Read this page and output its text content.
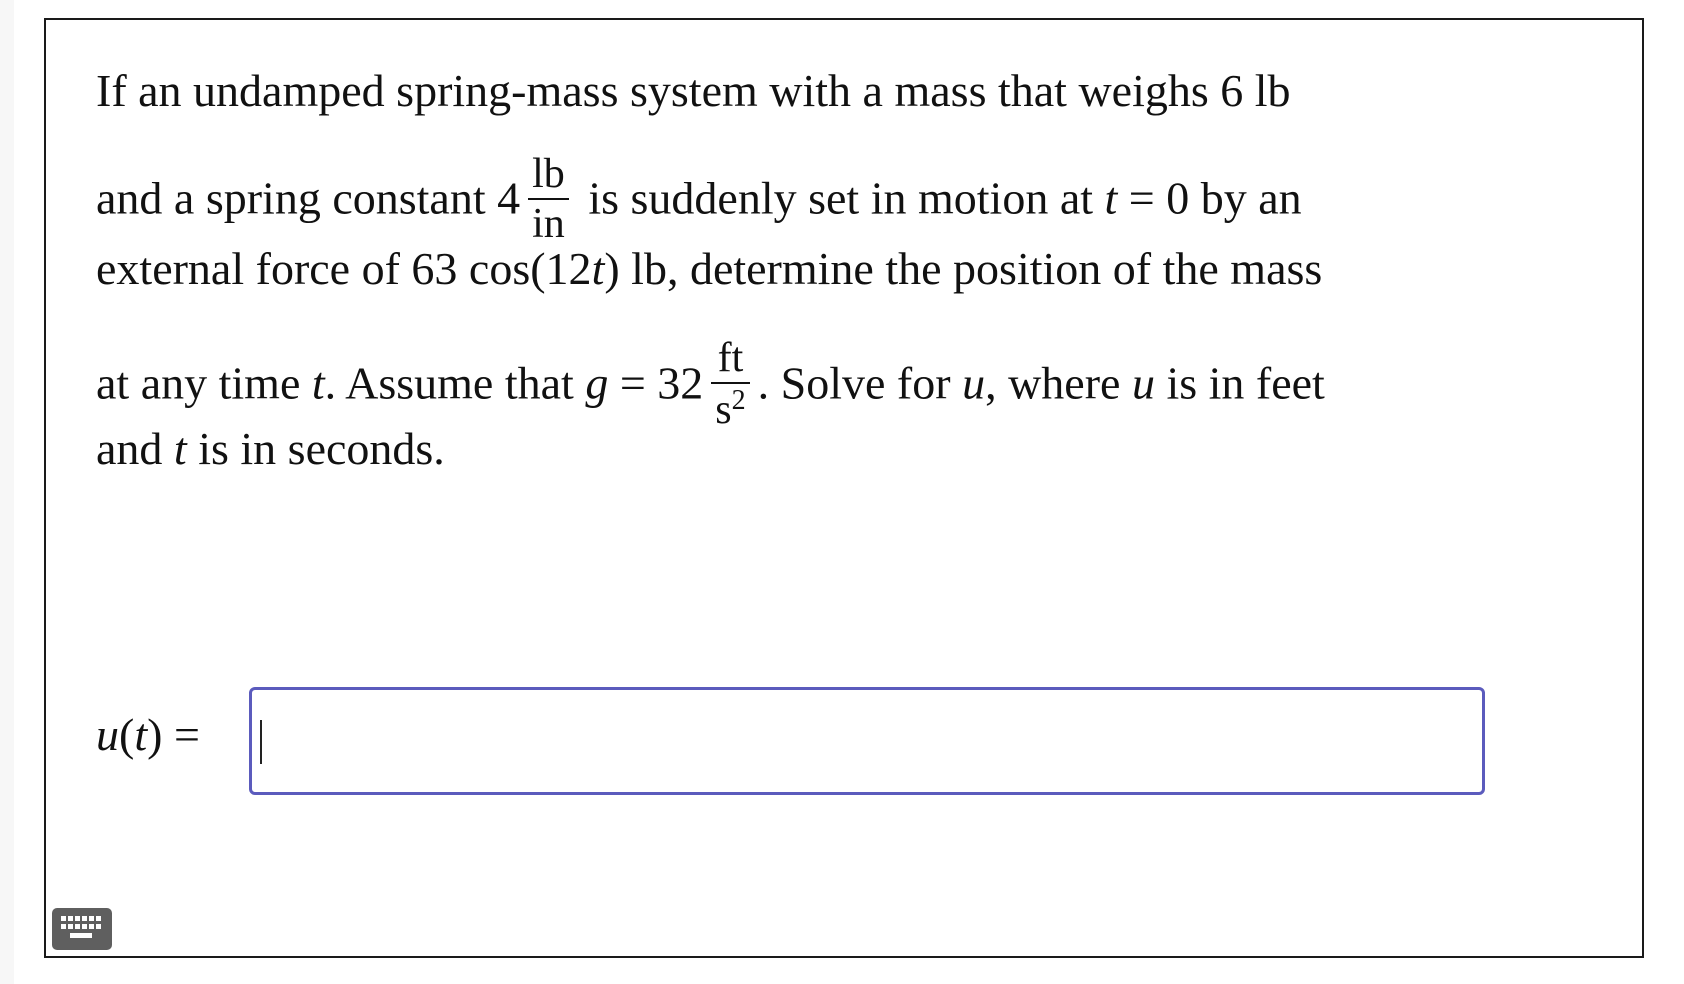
If an undamped spring-mass system with a mass that weighs 6 lb
and a spring constant $4 \frac{lb}{in}$ is suddenly set in motion at t = 0 by an
external force of 63 cos(12t) lb, determine the position of the mass
at any time t. Assume that $g = 32 \frac{ft}{s^2}$ . Solve for u, where u is in feet
and t is in seconds.
u(t) =
